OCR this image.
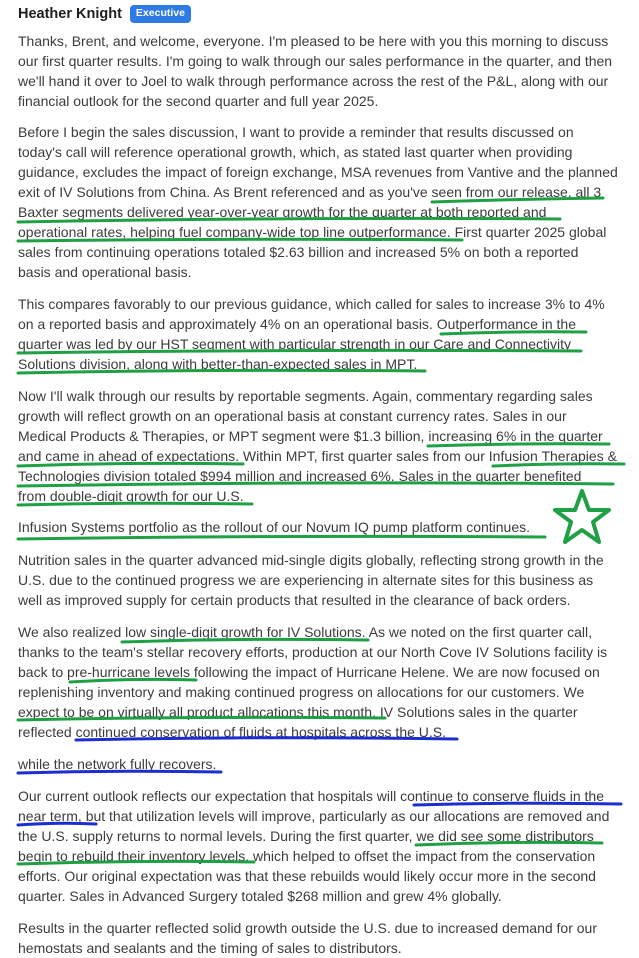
Heather Knight	Executive
Thanks, Brent, and welcome, everyone. I'm pleased to be here with you this morning to discuss
our first quarter results. I'm going to walk through our sales performance in the quarter, and then
we'll hand it over to Joel to walk through performance across the rest of the P&L, along with our
financial outlook for the second quarter and full year 2025.
Before I begin the sales discussion, I want to provide a reminder that results discussed on
today's call will reference operational growth, which, as stated last quarter when providing
guidance, excludes the impact of foreign exchange, MSA revenues from Vantive and the planned
exit of IV Solutions from China. As Brent referenced and as you've seen from our release, all 3
Baxter segments delivered year-over-year growth for the quarter at both reported and
operational rates, helping fuel company-wide top line outperformance. First quarter 2025 global
sales from continuing operations totaled $2.63 billion and increased 5% on both a reported
basis and operational basis.
This compares favorably to our previous guidance, which called for sales to increase 3% to 4%
on a reported basis and approximately 4% on an operational basis. Outperformance in the
quarter was led by our HST segment with particular strength in our Care and Connectivity
Solutions division, along with better-than-expected sales in MPT.
Now I'll walk through our results by reportable segments. Again, commentary regarding sales
growth will reflect growth on an operational basis at constant currency rates. Sales in our
Medical Products & Therapies, or MPT segment were $1.3 billion, increasing 6% in the quarter
and came in ahead of expectations. Within MPT, first quarter sales from our Infusion Therapies &
Technologies division totaled $994 million and increased 6%. Sales in the quarter benefited
from double-digit growth for our U.S.
Infusion Systems portfolio as the rollout of our Novum IQ pump platform continues.
Nutrition sales in the quarter advanced mid-single digits globally, reflecting strong growth in the
U.S. due to the continued progress we are experiencing in alternate sites for this business as
well as improved supply for certain products that resulted in the clearance of back orders.
We also realized low single-digit growth for IV Solutions. As we noted on the first quarter call,
thanks to the team's stellar recovery efforts, production at our North Cove IV Solutions facility is
back to pre-hurricane levels following the impact of Hurricane Helene. We are now focused on
replenishing inventory and making continued progress on allocations for our customers. We
expect to be on virtually all product allocations this month. IV Solutions sales in the quarter
reflected continued conservation of fluids at hospitals across the U.S.
while the network fully recovers.
Our current outlook reflects our expectation that hospitals will continue to conserve fluids in the
near term, but that utilization levels will improve, particularly as our allocations are removed and
the U.S. supply returns to normal levels. During the first quarter, we did see some distributors
begin to rebuild their inventory levels, which helped to offset the impact from the conservation
efforts. Our original expectation was that these rebuilds would likely occur more in the second
quarter. Sales in Advanced Surgery totaled $268 million and grew 4% globally.
Results in the quarter reflected solid growth outside the U.S. due to increased demand for our
hemostats and sealants and the timing of sales to distributors.
